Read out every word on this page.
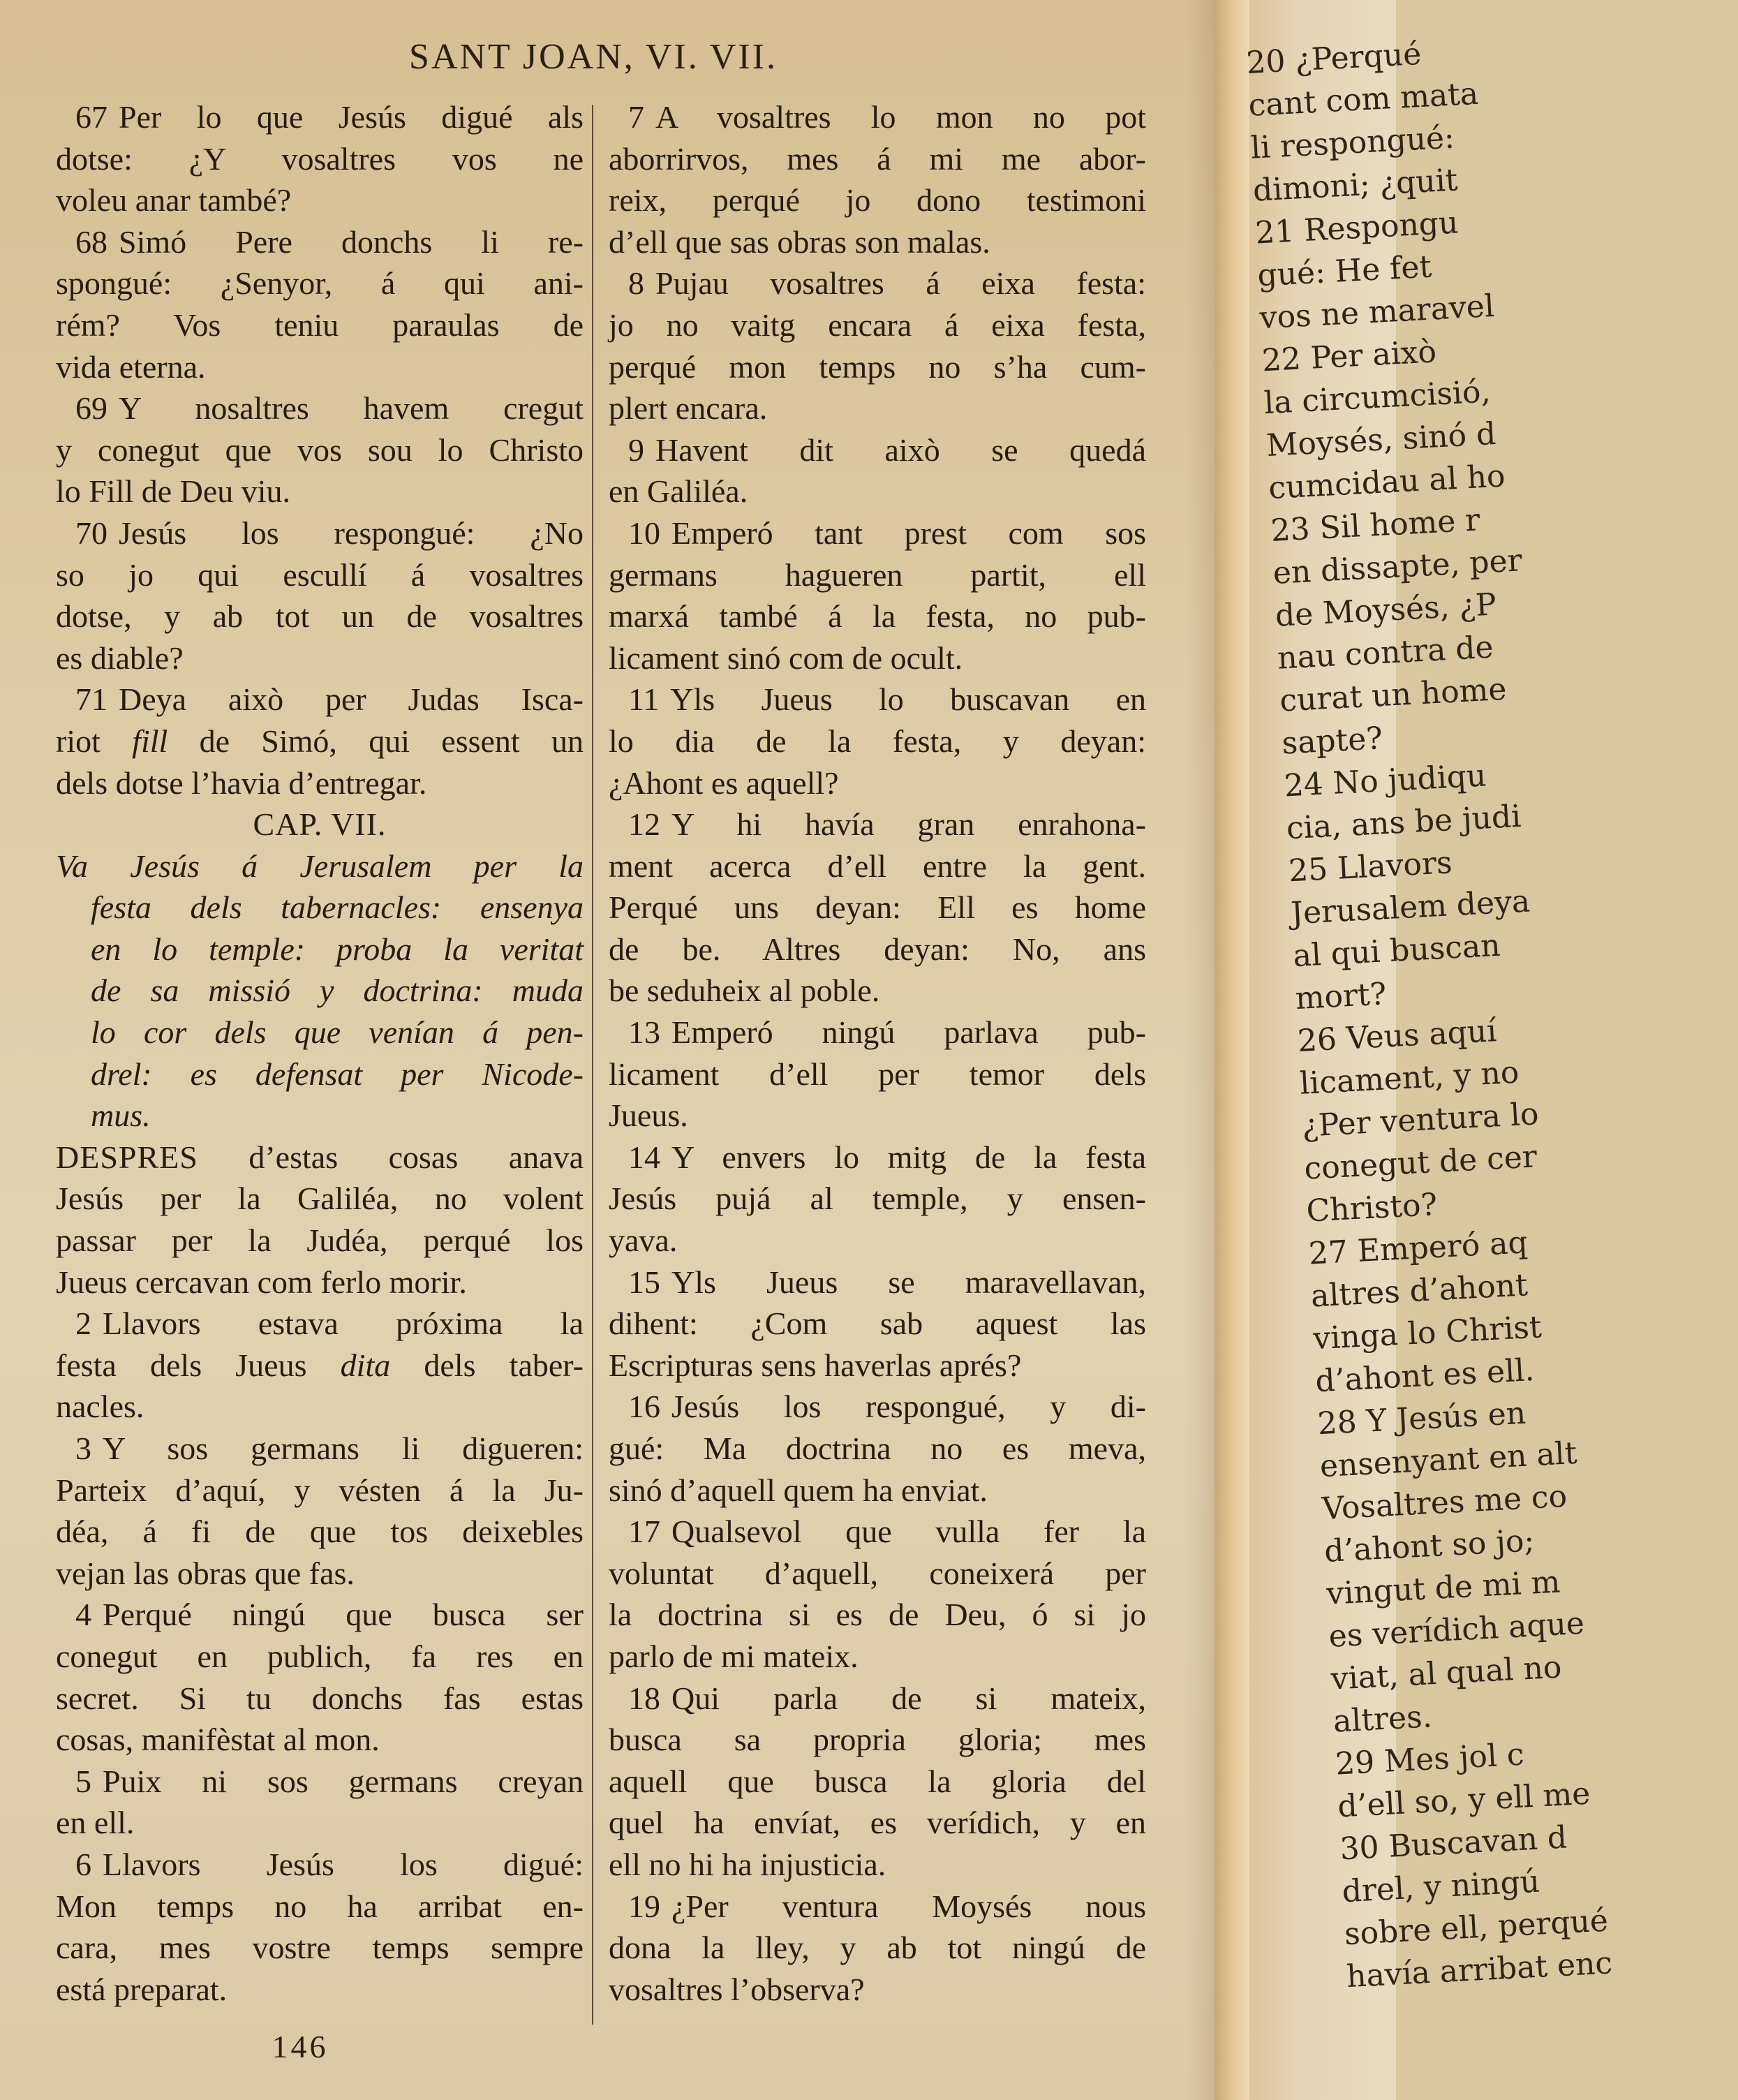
SANT JOAN, VI. VII.
67 Per lo que Jesús digué als
dotse: ¿Y vosaltres vos ne
voleu anar també?
68 Simó Pere donchs li re-
spongué: ¿Senyor, á qui ani-
rém? Vos teniu paraulas de
vida eterna.
69 Y nosaltres havem cregut
y conegut que vos sou lo Christo
lo Fill de Deu viu.
70 Jesús los respongué: ¿No
so jo qui escullí á vosaltres
dotse, y ab tot un de vosaltres
es diable?
71 Deya això per Judas Isca-
riot fill de Simó, qui essent un
dels dotse l’havia d’entregar.
CAP. VII.
Va Jesús á Jerusalem per la
festa dels tabernacles: ensenya
en lo temple: proba la veritat
de sa missió y doctrina: muda
lo cor dels que venían á pen-
drel: es defensat per Nicode-
mus.
DESPRES d’estas cosas anava
Jesús per la Galiléa, no volent
passar per la Judéa, perqué los
Jueus cercavan com ferlo morir.
2 Llavors estava próxima la
festa dels Jueus dita dels taber-
nacles.
3 Y sos germans li digueren:
Parteix d’aquí, y vésten á la Ju-
déa, á fi de que tos deixebles
vejan las obras que fas.
4 Perqué ningú que busca ser
conegut en publich, fa res en
secret. Si tu donchs fas estas
cosas, manifèstat al mon.
5 Puix ni sos germans creyan
en ell.
6 Llavors Jesús los digué:
Mon temps no ha arribat en-
cara, mes vostre temps sempre
está preparat.
7 A vosaltres lo mon no pot
aborrirvos, mes á mi me abor-
reix, perqué jo dono testimoni
d’ell que sas obras son malas.
8 Pujau vosaltres á eixa festa:
jo no vaitg encara á eixa festa,
perqué mon temps no s’ha cum-
plert encara.
9 Havent dit això se quedá
en Galiléa.
10 Emperó tant prest com sos
germans hagueren partit, ell
marxá també á la festa, no pub-
licament sinó com de ocult.
11 Yls Jueus lo buscavan en
lo dia de la festa, y deyan:
¿Ahont es aquell?
12 Y hi havía gran enrahona-
ment acerca d’ell entre la gent.
Perqué uns deyan: Ell es home
de be. Altres deyan: No, ans
be seduheix al poble.
13 Emperó ningú parlava pub-
licament d’ell per temor dels
Jueus.
14 Y envers lo mitg de la festa
Jesús pujá al temple, y ensen-
yava.
15 Yls Jueus se maravellavan,
dihent: ¿Com sab aquest las
Escripturas sens haverlas aprés?
16 Jesús los respongué, y di-
gué: Ma doctrina no es meva,
sinó d’aquell quem ha enviat.
17 Qualsevol que vulla fer la
voluntat d’aquell, coneixerá per
la doctrina si es de Deu, ó si jo
parlo de mi mateix.
18 Qui parla de si mateix,
busca sa propria gloria; mes
aquell que busca la gloria del
quel ha envíat, es verídich, y en
ell no hi ha injusticia.
19 ¿Per ventura Moysés nous
dona la lley, y ab tot ningú de
vosaltres l’observa?
146
20 ¿Perqué
cant com mata
li respongué:
dimoni; ¿quit
21 Respongu
gué: He fet
vos ne maravel
22 Per això
la circumcisió,
Moysés, sinó d
cumcidau al ho
23 Sil home r
en dissapte, per
de Moysés, ¿P
nau contra de
curat un home
sapte?
24 No judiqu
cia, ans be judi
25 Llavors
Jerusalem deya
al qui buscan
mort?
26 Veus aquí
licament, y no
¿Per ventura lo
conegut de cer
Christo?
27 Emperó aq
altres d’ahont
vinga lo Christ
d’ahont es ell.
28 Y Jesús en
ensenyant en alt
Vosaltres me co
d’ahont so jo;
vingut de mi m
es verídich aque
viat, al qual no
altres.
29 Mes jol c
d’ell so, y ell me
30 Buscavan d
drel, y ningú
sobre ell, perqué
havía arribat enc
